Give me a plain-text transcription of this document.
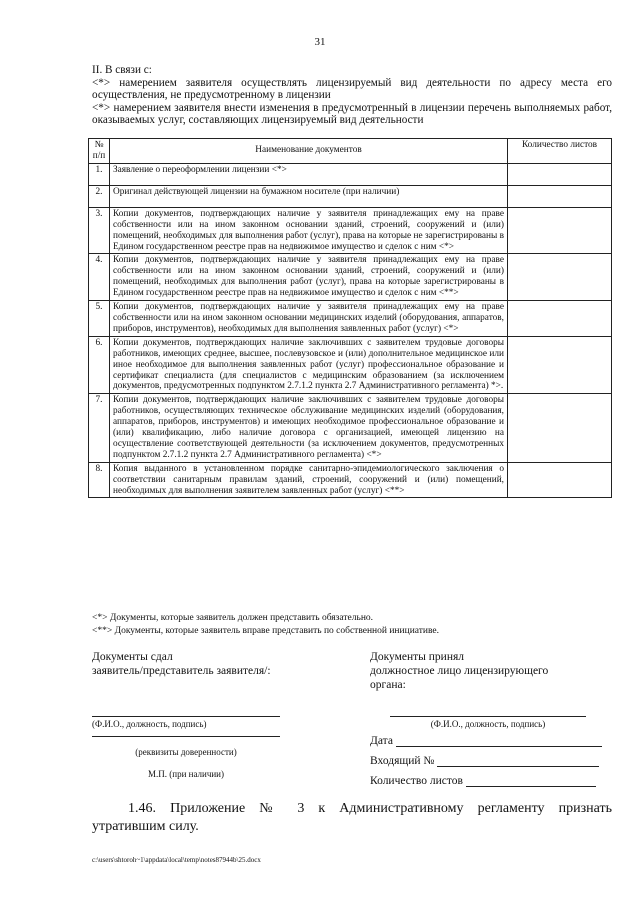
31

II. В связи с:

<*> намерением заявителя осуществлять лицензируемый вид деятельности по адресу места его осуществления, не предусмотренному в лицензии

<*> намерением заявителя внести изменения в предусмотренный в лицензии перечень выполняемых работ, оказываемых услуг, составляющих лицензируемый вид деятельности

№ п/п	Наименование документов	Количество листов
1.	Заявление о переоформлении лицензии <*>	
2.	Оригинал действующей лицензии на бумажном носителе (при наличии)	
3.	Копии документов, подтверждающих наличие у заявителя принадлежащих ему на праве собственности или на ином законном основании зданий, строений, сооружений и (или) помещений, необходимых для выполнения работ (услуг), права на которые не зарегистрированы в Едином государственном реестре прав на недвижимое имущество и сделок с ним <*>	
4.	Копии документов, подтверждающих наличие у заявителя принадлежащих ему на праве собственности или на ином законном основании зданий, строений, сооружений и (или) помещений, необходимых для выполнения работ (услуг), права на которые зарегистрированы в Едином государственном реестре прав на недвижимое имущество и сделок с ним <**>	
5.	Копии документов, подтверждающих наличие у заявителя принадлежащих ему на праве собственности или на ином законном основании медицинских изделий (оборудования, аппаратов, приборов, инструментов), необходимых для выполнения заявленных работ (услуг) <*>	
6.	Копии документов, подтверждающих наличие заключивших с заявителем трудовые договоры работников, имеющих среднее, высшее, послевузовское и (или) дополнительное медицинское или иное необходимое для выполнения заявленных работ (услуг) профессиональное образование и сертификат специалиста (для специалистов с медицинским образованием (за исключением документов, предусмотренных подпунктом 2.7.1.2 пункта 2.7 Административного регламента) *>.	
7.	Копии документов, подтверждающих наличие заключивших с заявителем трудовые договоры работников, осуществляющих техническое обслуживание медицинских изделий (оборудования, аппаратов, приборов, инструментов) и имеющих необходимое профессиональное образование и (или) квалификацию, либо наличие договора с организацией, имеющей лицензию на осуществление соответствующей деятельности (за исключением документов, предусмотренных подпунктом 2.7.1.2 пункта 2.7 Административного регламента) <*>	
8.	Копия выданного в установленном порядке санитарно-эпидемиологического заключения о соответствии санитарным правилам зданий, строений, сооружений и (или) помещений, необходимых для выполнения заявителем заявленных работ (услуг) <**>	
<*> Документы, которые заявитель должен представить обязательно.
<**> Документы, которые заявитель вправе представить по собственной инициативе.
Документы сдал
заявитель/представитель заявителя/:
(Ф.И.О., должность, подпись)
(реквизиты доверенности)
М.П. (при наличии)
Документы принял
должностное лицо лицензирующего
органа:
(Ф.И.О., должность, подпись)
Дата
Входящий №
Количество листов
1.46. Приложение № 3 к Административному регламенту признать
утратившим силу.
c:\users\shtoroh~1\appdata\local\temp\notes87944b\25.docx
